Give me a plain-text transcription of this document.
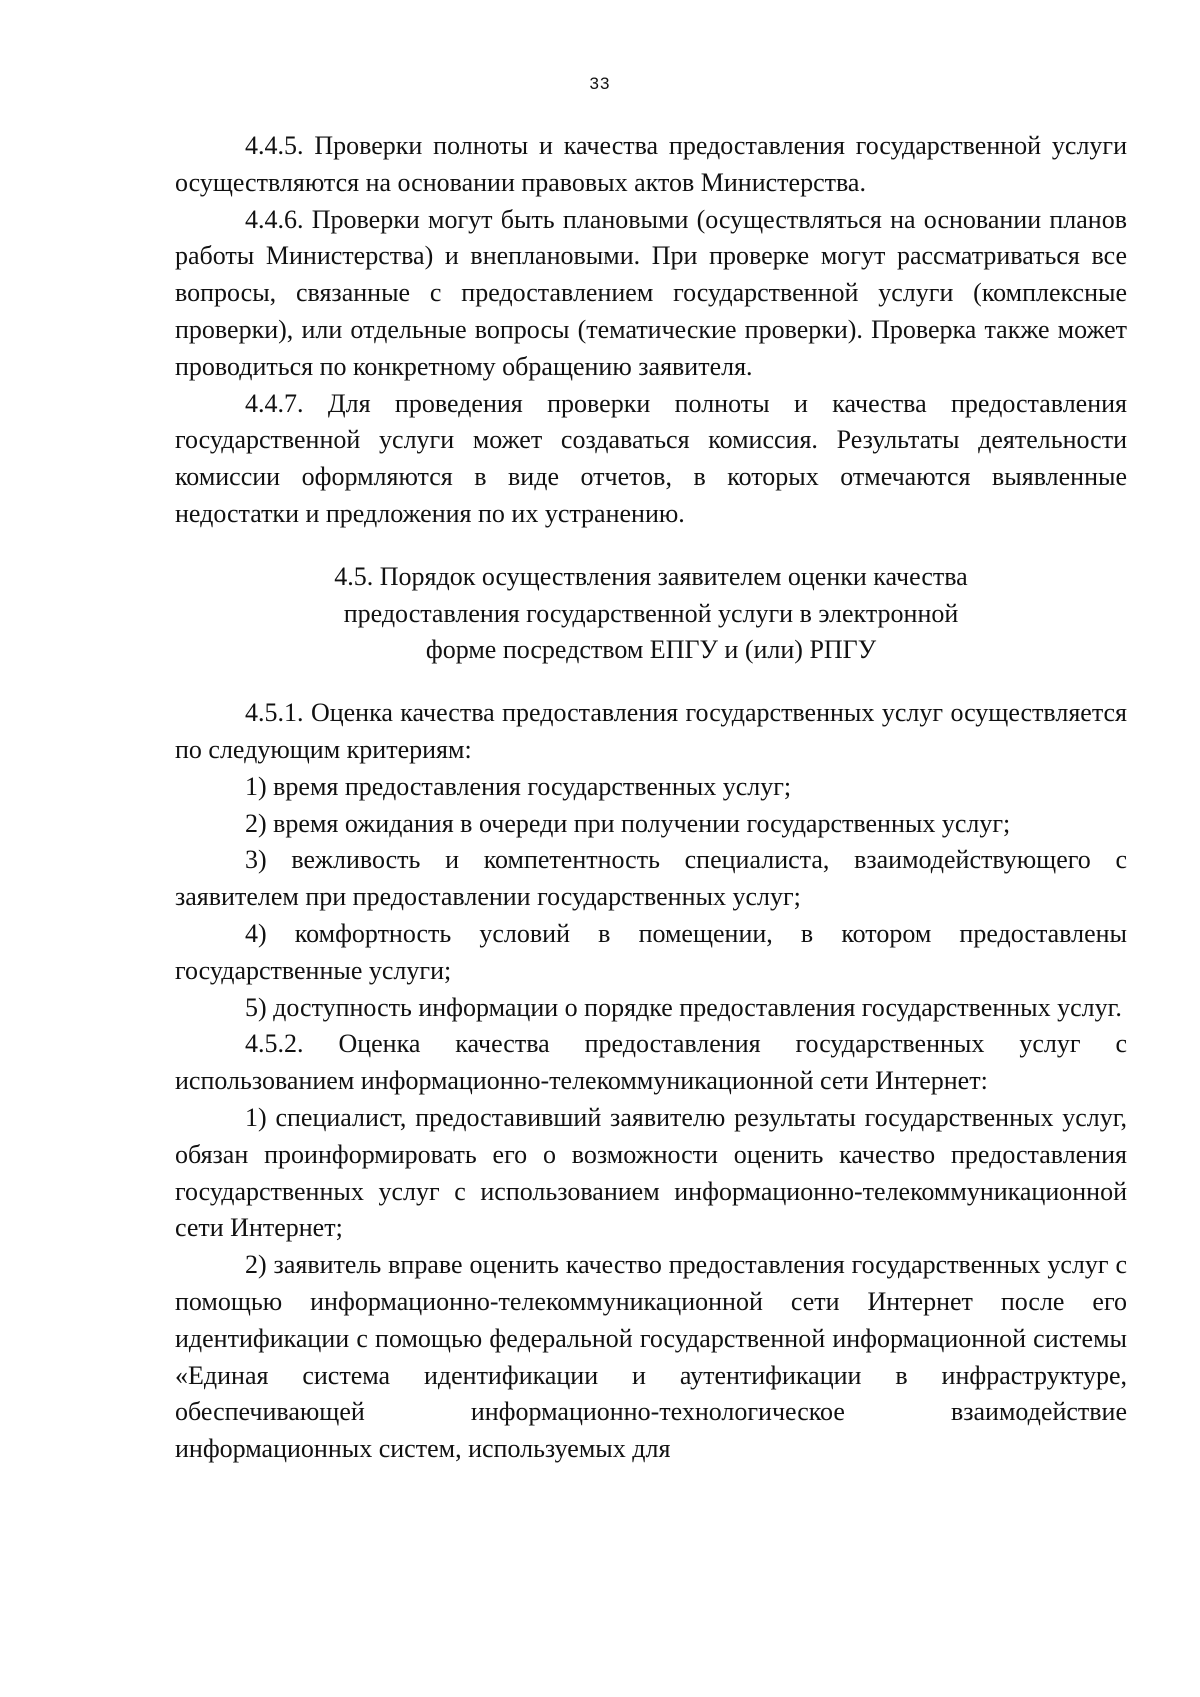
33

4.4.5. Проверки полноты и качества предоставления государственной услуги осуществляются на основании правовых актов Министерства.

4.4.6. Проверки могут быть плановыми (осуществляться на основании планов работы Министерства) и внеплановыми. При проверке могут рассматриваться все вопросы, связанные с предоставлением государственной услуги (комплексные проверки), или отдельные вопросы (тематические проверки). Проверка также может проводиться по конкретному обращению заявителя.

4.4.7. Для проведения проверки полноты и качества предоставления государственной услуги может создаваться комиссия. Результаты деятельности комиссии оформляются в виде отчетов, в которых отмечаются выявленные недостатки и предложения по их устранению.

4.5. Порядок осуществления заявителем оценки качества
предоставления государственной услуги в электронной
форме посредством ЕПГУ и (или) РПГУ

4.5.1. Оценка качества предоставления государственных услуг осуществляется по следующим критериям:

1) время предоставления государственных услуг;

2) время ожидания в очереди при получении государственных услуг;

3) вежливость и компетентность специалиста, взаимодействующего с заявителем при предоставлении государственных услуг;

4) комфортность условий в помещении, в котором предоставлены государственные услуги;

5) доступность информации о порядке предоставления государственных услуг.

4.5.2. Оценка качества предоставления государственных услуг с использованием информационно-телекоммуникационной сети Интернет:

1) специалист, предоставивший заявителю результаты государственных услуг, обязан проинформировать его о возможности оценить качество предоставления государственных услуг с использованием информационно-телекоммуникационной сети Интернет;

2) заявитель вправе оценить качество предоставления государственных услуг с помощью информационно-телекоммуникационной сети Интернет после его идентификации с помощью федеральной государственной информационной системы «Единая система идентификации и аутентификации в инфраструктуре, обеспечивающей информационно-технологическое взаимодействие информационных систем, используемых для
